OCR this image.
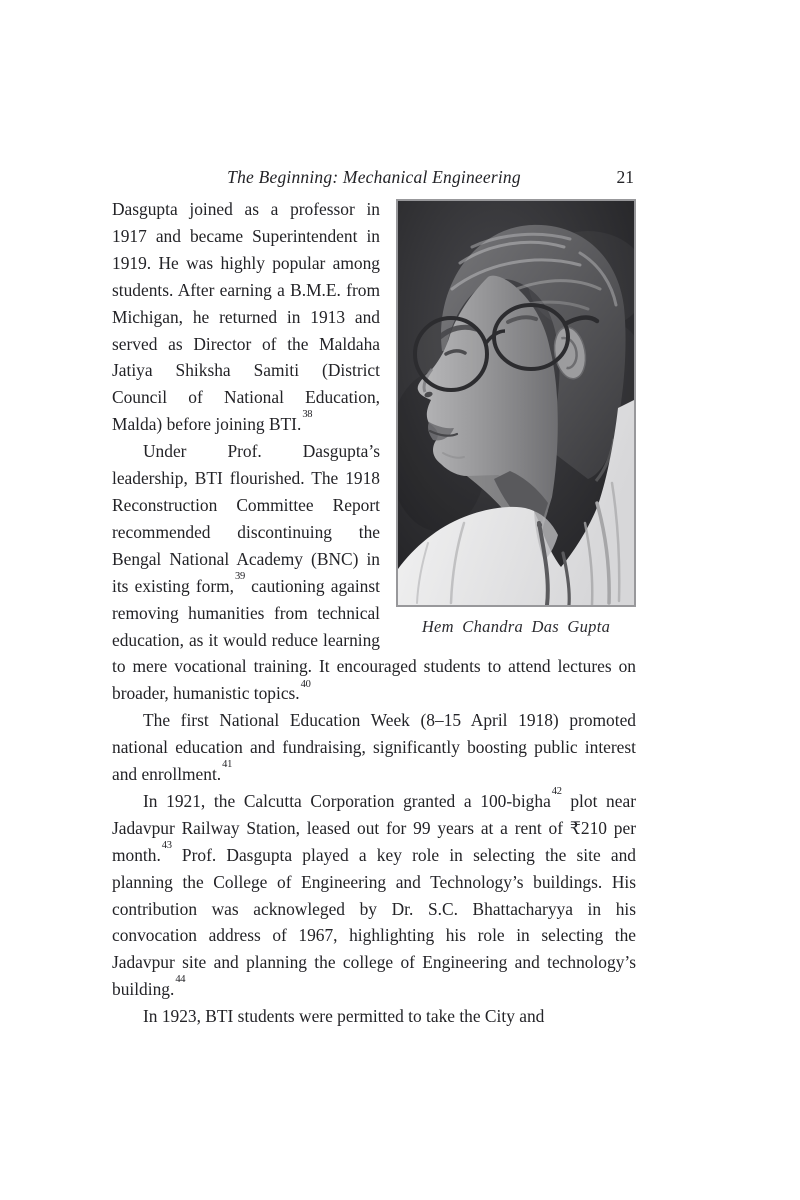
The Beginning: Mechanical Engineering	21
Hem Chandra Das Gupta

Dasgupta joined as a professor in 1917 and became Superintendent in 1919. He was highly popular among students. After earning a B.M.E. from Michigan, he returned in 1913 and served as Director of the Maldaha Jatiya Shiksha Samiti (District Council of National Education, Malda) before joining BTI.$^{38}$

Under Prof. Dasgupta’s leadership, BTI flourished. The 1918 Reconstruction Committee Report recommended discontinuing the Bengal National Academy (BNC) in its existing form,$^{39}$ cautioning against removing humanities from technical education, as it would reduce learning to mere vocational training. It encouraged students to attend lectures on broader, humanistic topics.$^{40}$

The first National Education Week (8–15 April 1918) promoted national education and fundraising, significantly boosting public interest and enrollment.$^{41}$

In 1921, the Calcutta Corporation granted a 100-bigha$^{42}$ plot near Jadavpur Railway Station, leased out for 99 years at a rent of ₹210 per month.$^{43}$ Prof. Dasgupta played a key role in selecting the site and planning the College of Engineering and Technology’s buildings. His contribution was acknowleged by Dr. S.C. Bhattacharyya in his convocation address of 1967, highlighting his role in selecting the Jadavpur site and planning the college of Engineering and technology’s building.$^{44}$

In 1923, BTI students were permitted to take the City and
